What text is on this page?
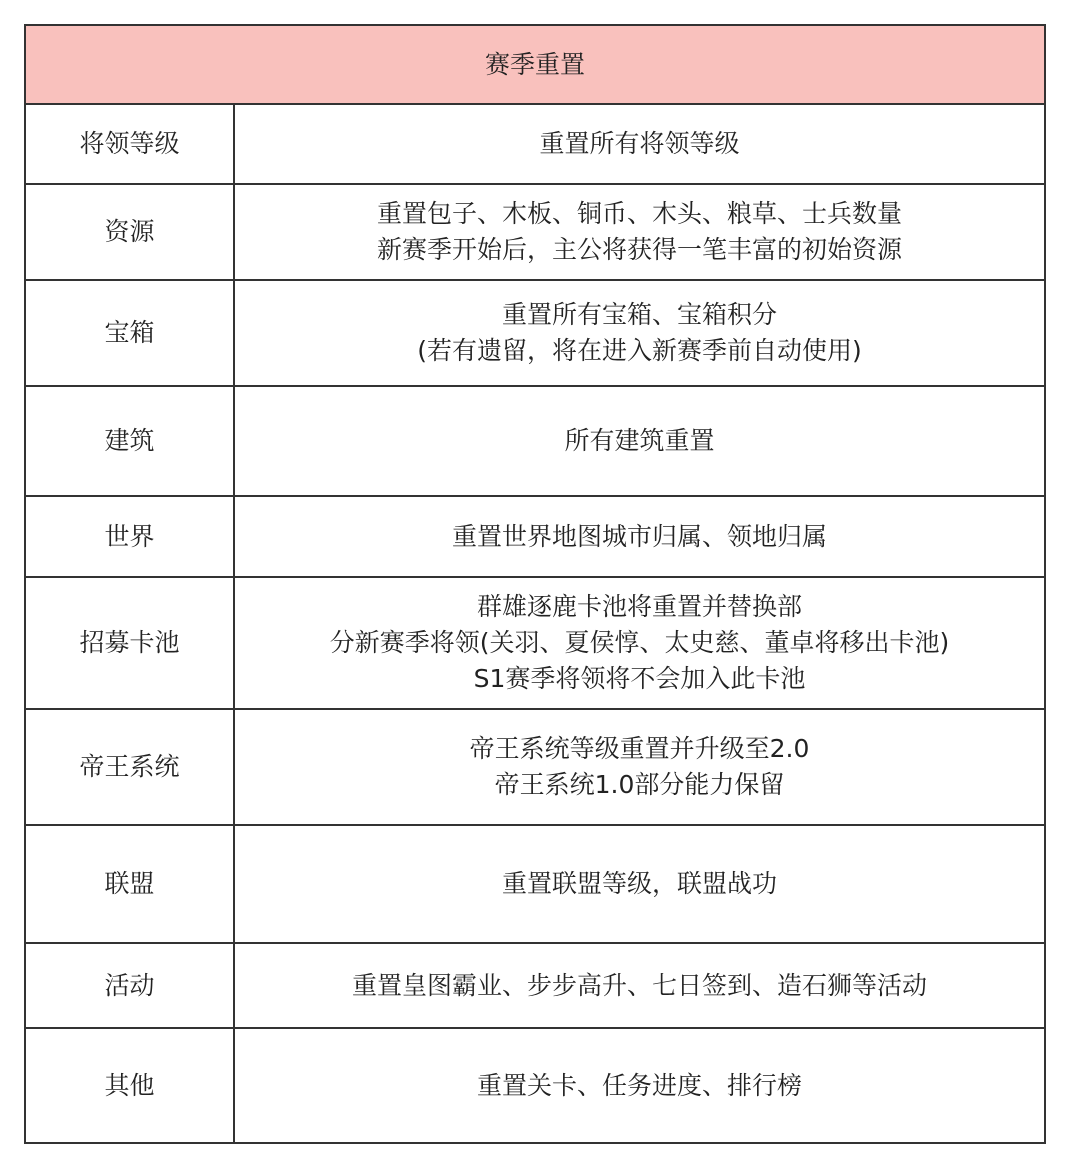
赛季重置	
将领等级	重置所有将领等级

资源	重置包子、木板、铜币、木头、粮草、士兵数量
新赛季开始后，主公将获得一笔丰富的初始资源

宝箱	重置所有宝箱、宝箱积分
(若有遗留，将在进入新赛季前自动使用)

建筑	所有建筑重置

世界	重置世界地图城市归属、领地归属

招募卡池	群雄逐鹿卡池将重置并替换部
分新赛季将领(关羽、夏侯惇、太史慈、董卓将移出卡池)
S1赛季将领将不会加入此卡池

帝王系统	帝王系统等级重置并升级至2.0
帝王系统1.0部分能力保留

联盟	重置联盟等级，联盟战功

活动	重置皇图霸业、步步高升、七日签到、造石狮等活动

其他	重置关卡、任务进度、排行榜
